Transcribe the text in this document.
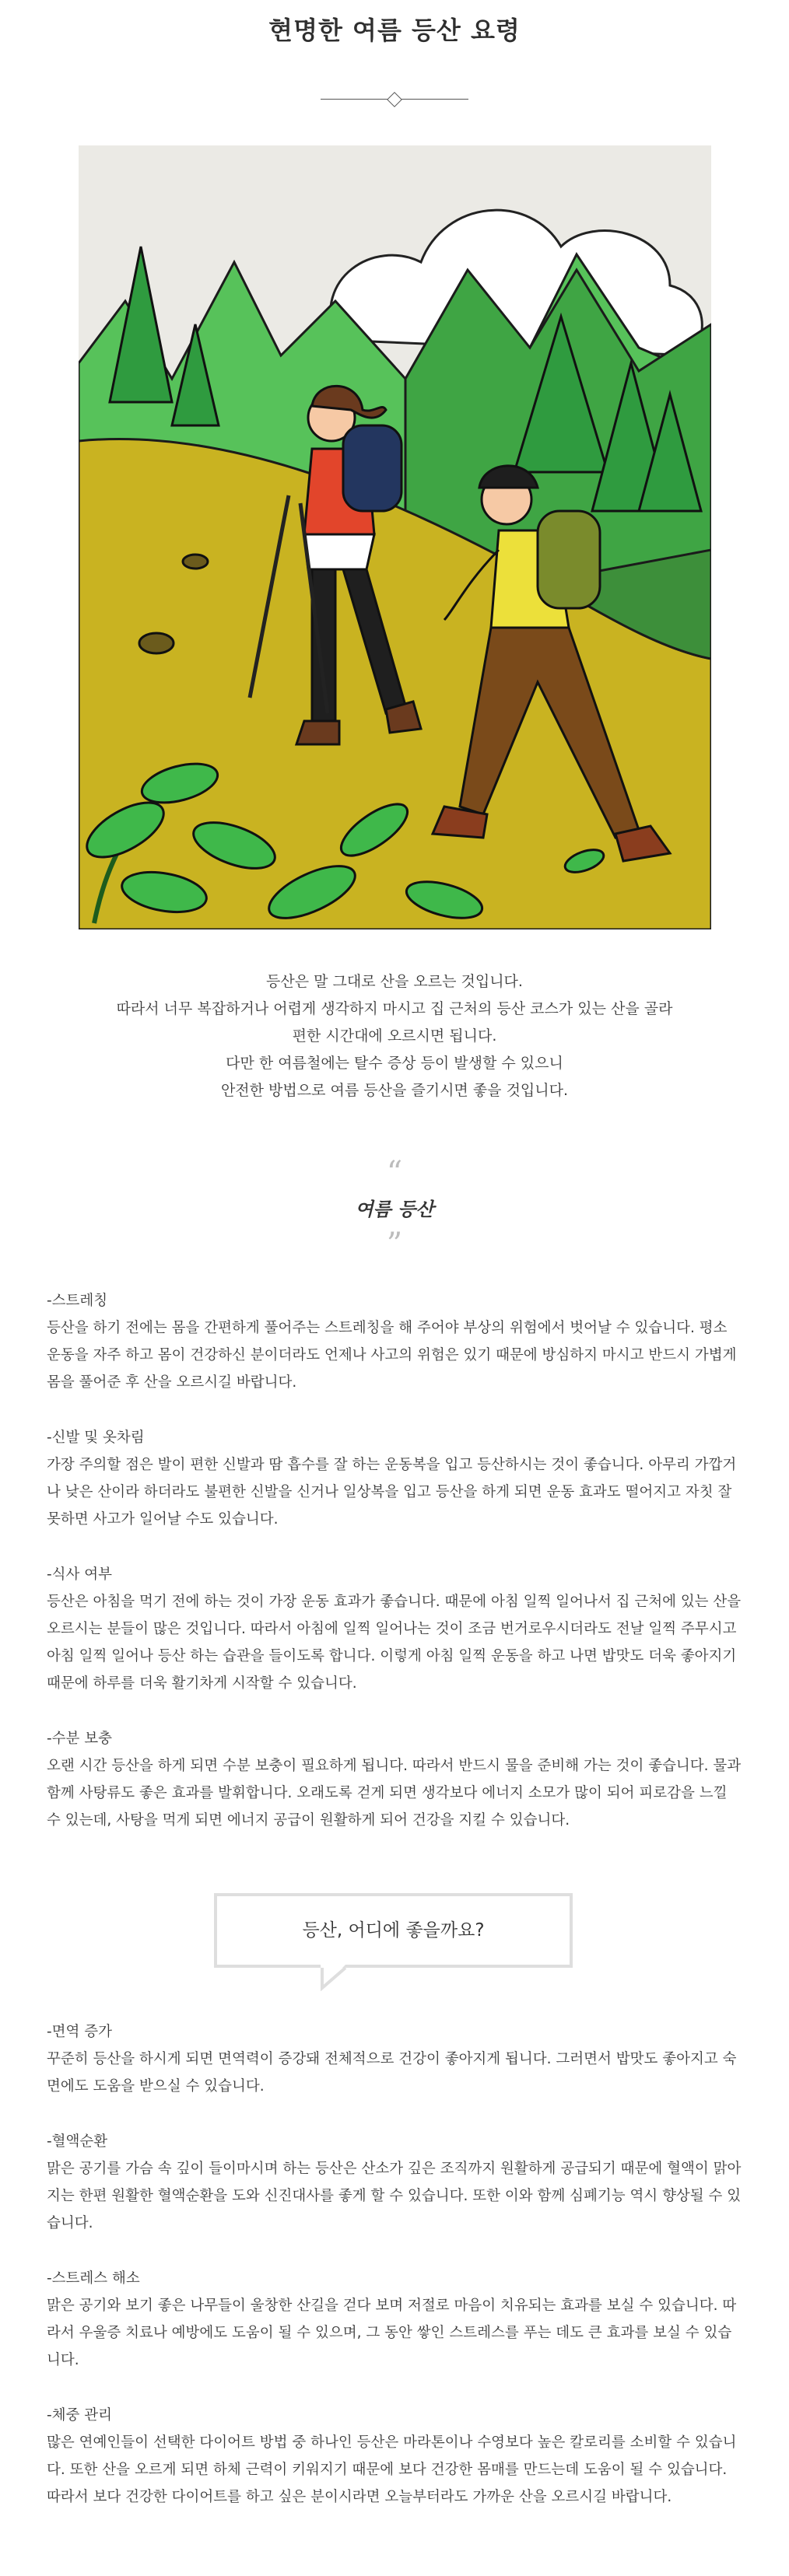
현명한 여름 등산 요령

등산은 말 그대로 산을 오르는 것입니다.

따라서 너무 복잡하거나 어렵게 생각하지 마시고 집 근처의 등산 코스가 있는 산을 골라

편한 시간대에 오르시면 됩니다.

다만 한 여름철에는 탈수 증상 등이 발생할 수 있으니

안전한 방법으로 여름 등산을 즐기시면 좋을 것입니다.

“
여름 등산
”

-스트레칭

등산을 하기 전에는 몸을 간편하게 풀어주는 스트레칭을 해 주어야 부상의 위험에서 벗어날 수 있습니다. 평소 운동을 자주 하고 몸이 건강하신 분이더라도 언제나 사고의 위험은 있기 때문에 방심하지 마시고 반드시 가볍게 몸을 풀어준 후 산을 오르시길 바랍니다.

-신발 및 옷차림

가장 주의할 점은 발이 편한 신발과 땀 흡수를 잘 하는 운동복을 입고 등산하시는 것이 좋습니다. 아무리 가깝거나 낮은 산이라 하더라도 불편한 신발을 신거나 일상복을 입고 등산을 하게 되면 운동 효과도 떨어지고 자칫 잘못하면 사고가 일어날 수도 있습니다.

-식사 여부

등산은 아침을 먹기 전에 하는 것이 가장 운동 효과가 좋습니다. 때문에 아침 일찍 일어나서 집 근처에 있는 산을 오르시는 분들이 많은 것입니다. 따라서 아침에 일찍 일어나는 것이 조금 번거로우시더라도 전날 일찍 주무시고 아침 일찍 일어나 등산 하는 습관을 들이도록 합니다. 이렇게 아침 일찍 운동을 하고 나면 밥맛도 더욱 좋아지기 때문에 하루를 더욱 활기차게 시작할 수 있습니다.

-수분 보충

오랜 시간 등산을 하게 되면 수분 보충이 필요하게 됩니다. 따라서 반드시 물을 준비해 가는 것이 좋습니다. 물과 함께 사탕류도 좋은 효과를 발휘합니다. 오래도록 걷게 되면 생각보다 에너지 소모가 많이 되어 피로감을 느낄 수 있는데, 사탕을 먹게 되면 에너지 공급이 원활하게 되어 건강을 지킬 수 있습니다.

등산, 어디에 좋을까요?

-면역 증가

꾸준히 등산을 하시게 되면 면역력이 증강돼 전체적으로 건강이 좋아지게 됩니다. 그러면서 밥맛도 좋아지고 숙면에도 도움을 받으실 수 있습니다.

-혈액순환

맑은 공기를 가슴 속 깊이 들이마시며 하는 등산은 산소가 깊은 조직까지 원활하게 공급되기 때문에 혈액이 맑아지는 한편 원활한 혈액순환을 도와 신진대사를 좋게 할 수 있습니다. 또한 이와 함께 심폐기능 역시 향상될 수 있습니다.

-스트레스 해소

맑은 공기와 보기 좋은 나무들이 울창한 산길을 걷다 보며 저절로 마음이 치유되는 효과를 보실 수 있습니다. 따라서 우울증 치료나 예방에도 도움이 될 수 있으며, 그 동안 쌓인 스트레스를 푸는 데도 큰 효과를 보실 수 있습니다.

-체중 관리

많은 연예인들이 선택한 다이어트 방법 중 하나인 등산은 마라톤이나 수영보다 높은 칼로리를 소비할 수 있습니다. 또한 산을 오르게 되면 하체 근력이 키워지기 때문에 보다 건강한 몸매를 만드는데 도움이 될 수 있습니다. 따라서 보다 건강한 다이어트를 하고 싶은 분이시라면 오늘부터라도 가까운 산을 오르시길 바랍니다.
